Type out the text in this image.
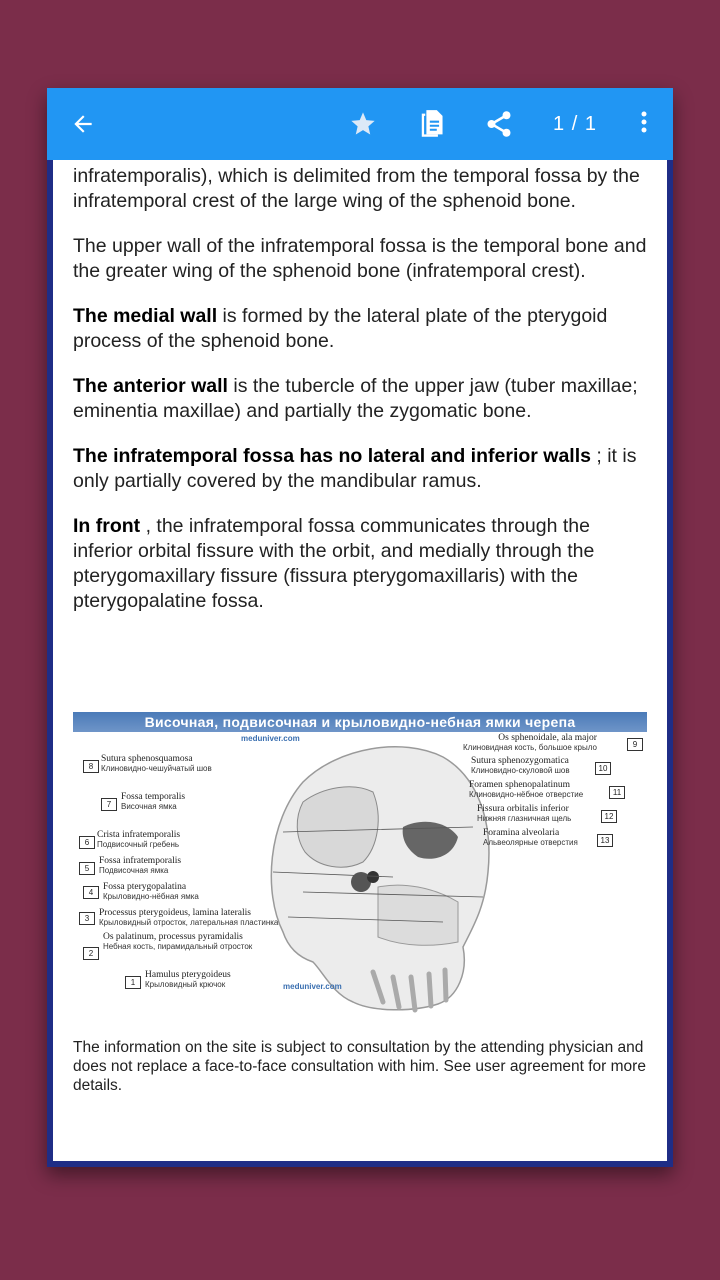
1 / 1

infratemporalis), which is delimited from the temporal fossa by the infratemporal crest of the large wing of the sphenoid bone.

The upper wall of the infratemporal fossa is the temporal bone and the greater wing of the sphenoid bone (infratemporal crest).

The medial wall is formed by the lateral plate of the pterygoid process of the sphenoid bone.

The anterior wall is the tubercle of the upper jaw (tuber maxillae; eminentia maxillae) and partially the zygomatic bone.

The infratemporal fossa has no lateral and inferior walls ; it is only partially covered by the mandibular ramus.

In front , the infratemporal fossa communicates through the inferior orbital fissure with the orbit, and medially through the pterygomaxillary fissure (fissura pterygomaxillaris) with the pterygopalatine fossa.

Височная, подвисочная и крыловидно-небная ямки черепа
meduniver.com
meduniver.com
8
Sutura sphenosquamosa
Клиновидно-чешуйчатый шов
7
Fossa temporalis
Височная ямка
6
Crista infratemporalis
Подвисочный гребень
5
Fossa infratemporalis
Подвисочная ямка
4
Fossa pterygopalatina
Крыловидно-нёбная ямка
3
Processus pterygoideus, lamina lateralis
Крыловидный отросток, латеральная пластинка
2
Os palatinum, processus pyramidalis
Небная кость, пирамидальный отросток
1
Hamulus pterygoideus
Крыловидный крючок
Os sphenoidale, ala major
Клиновидная кость, большое крыло	9
Sutura sphenozygomatica
Клиновидно-скуловой шов	10
Foramen sphenopalatinum
Клиновидно-нёбное отверстие	11
Fissura orbitalis inferior
Нижняя глазничная щель	12
Foramina alveolaria
Альвеолярные отверстия	13
The information on the site is subject to consultation by the attending physician and does not replace a face-to-face consultation with him. See user agreement for more details.
